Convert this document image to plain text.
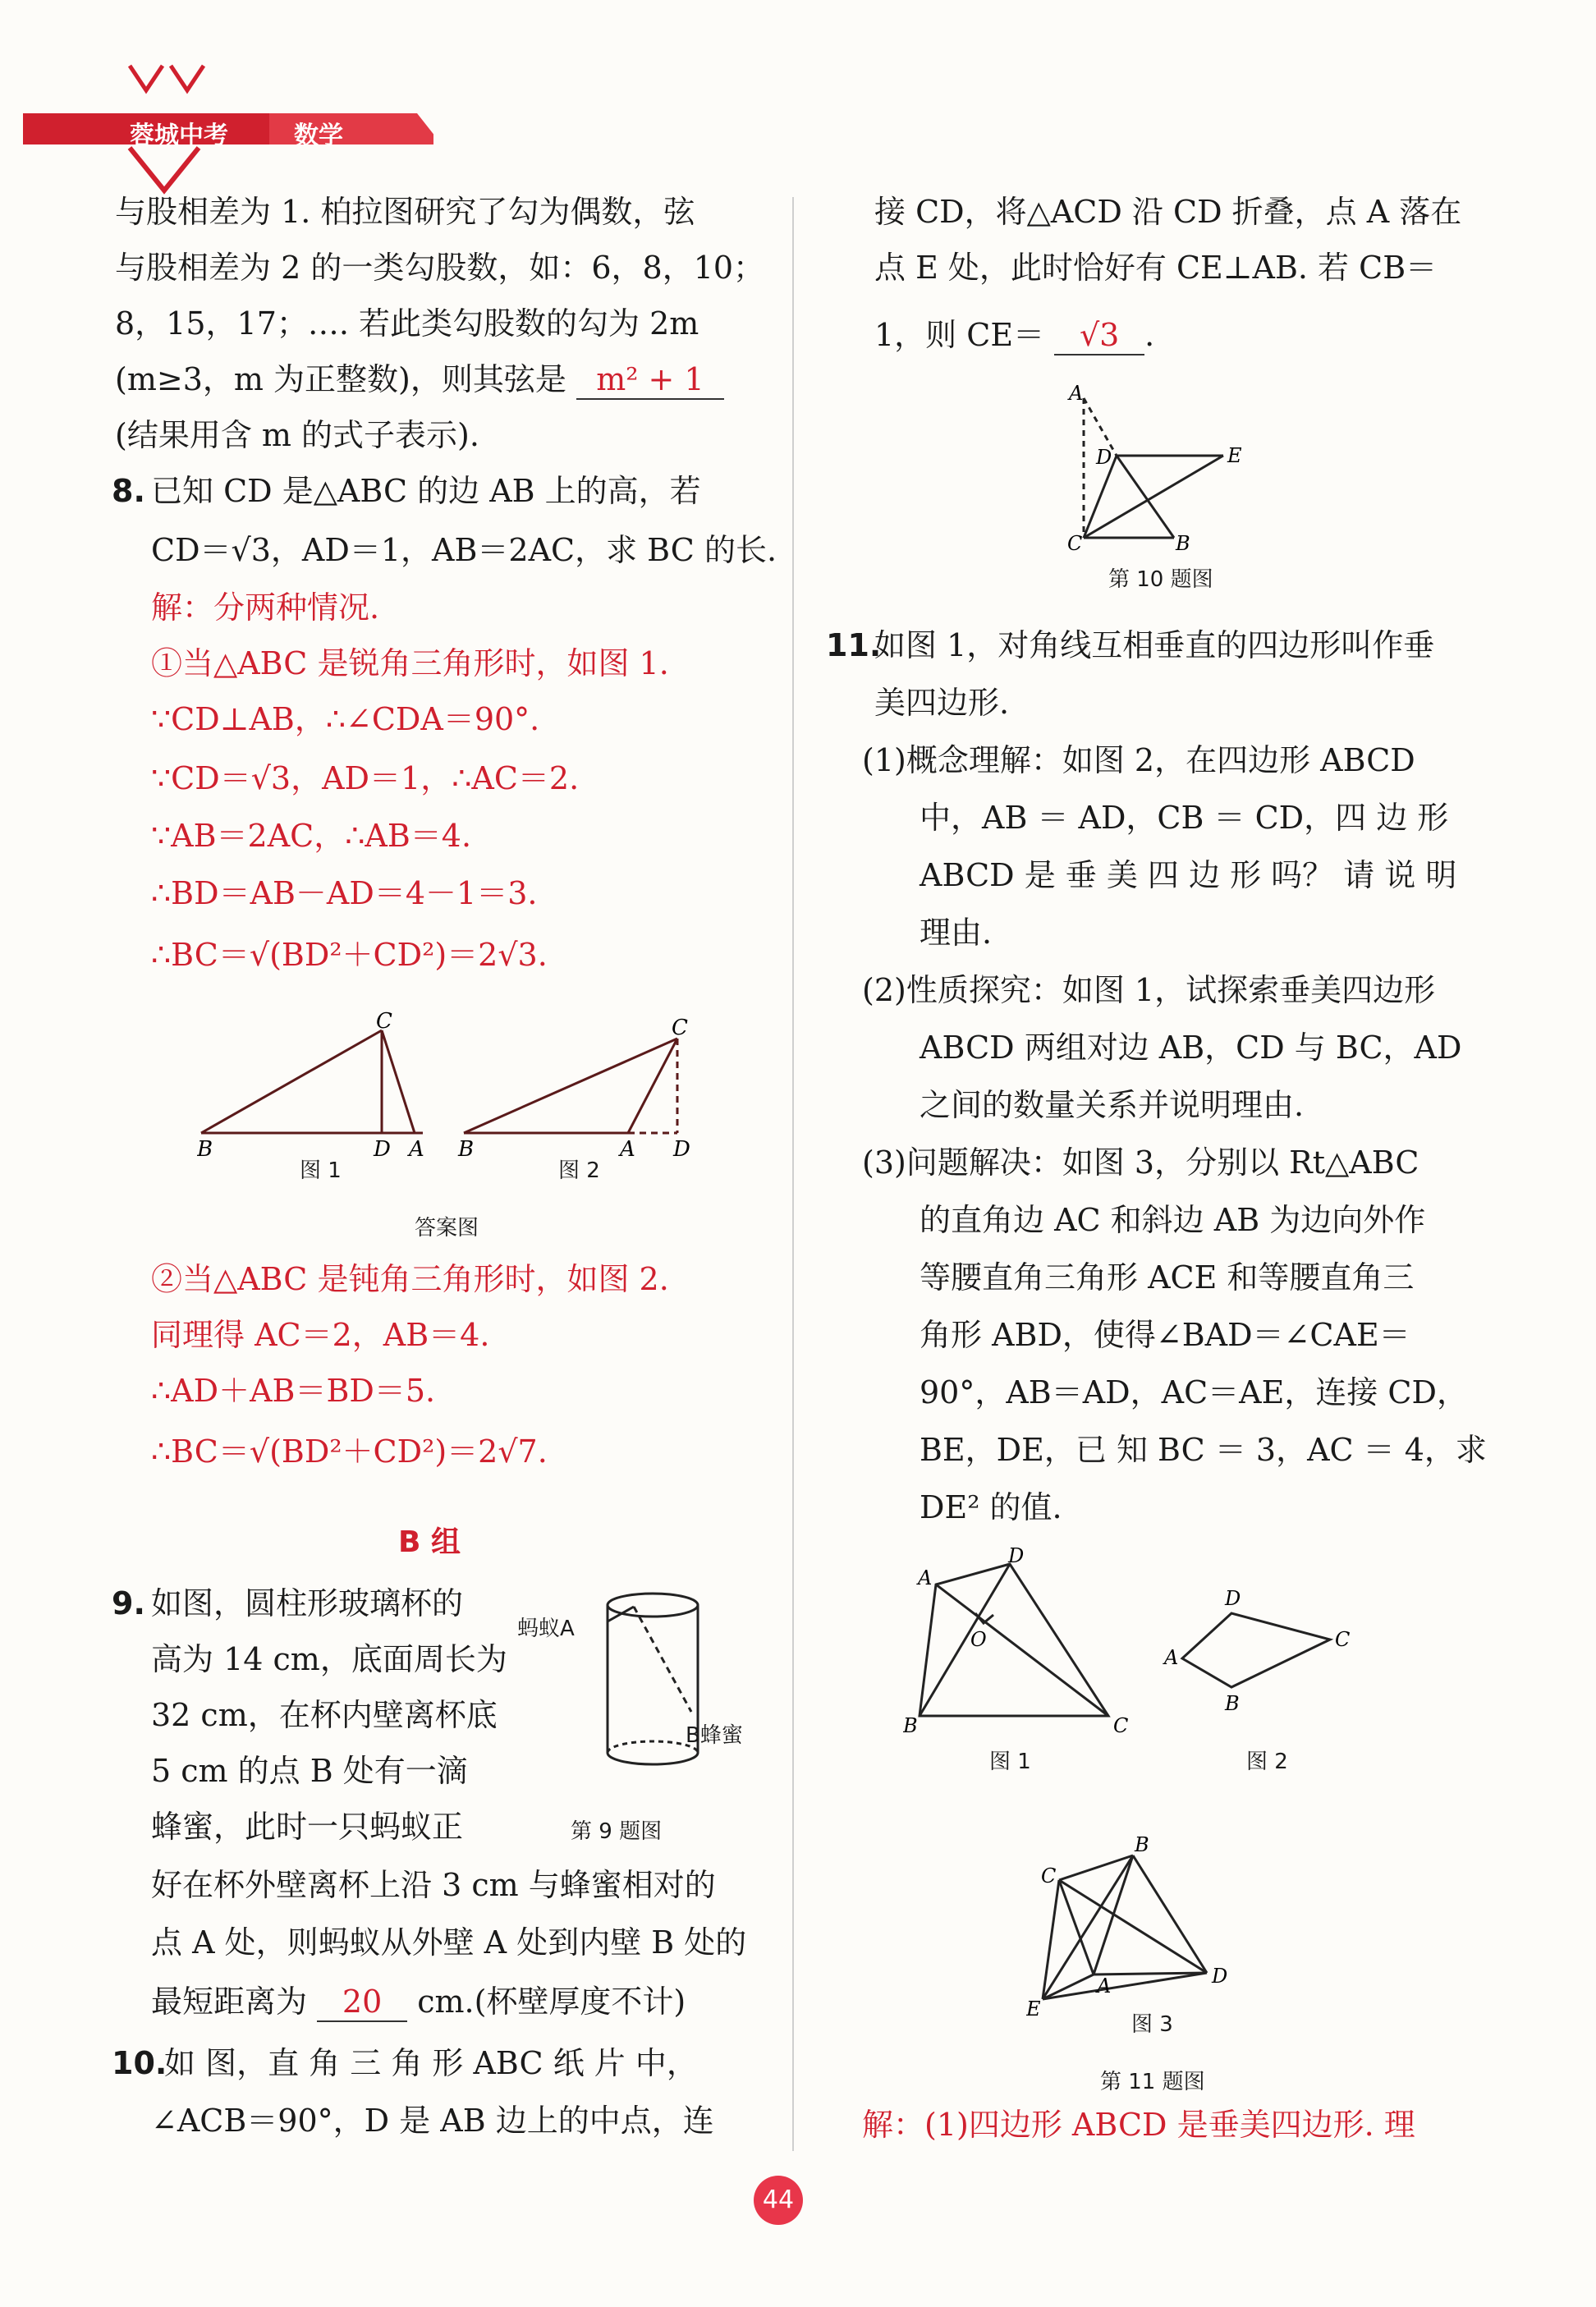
蓉城中考	数学
与股相差为 1. 柏拉图研究了勾为偶数，弦
与股相差为 2 的一类勾股数，如：6，8，10；
8，15，17；…. 若此类勾股数的勾为 2m
(m≥3，m 为正整数)，则其弦是 m² + 1
(结果用含 m 的式子表示).
8. 已知 CD 是△ABC 的边 AB 上的高，若
CD＝√3，AD＝1，AB＝2AC，求 BC 的长.
解：分两种情况.
①当△ABC 是锐角三角形时，如图 1.
∵CD⊥AB，∴∠CDA＝90°.
∵CD＝√3，AD＝1，∴AC＝2.
∵AB＝2AC，∴AB＝4.
∴BD＝AB－AD＝4－1＝3.
∴BC＝√(BD²＋CD²)＝2√3.
B
C
D A B
C
A D
图 1	图 2
答案图
②当△ABC 是钝角三角形时，如图 2.
同理得 AC＝2，AB＝4.
∴AD＋AB＝BD＝5.
∴BC＝√(BD²＋CD²)＝2√7.
B 组
9. 如图，圆柱形玻璃杯的
高为 14 cm，底面周长为
32 cm，在杯内壁离杯底
5 cm 的点 B 处有一滴
蜂蜜，此时一只蚂蚁正
好在杯外壁离杯上沿 3 cm 与蜂蜜相对的
点 A 处，则蚂蚁从外壁 A 处到内壁 B 处的
最短距离为 20 cm.(杯壁厚度不计)
蚂蚁A
B蜂蜜
第 9 题图
10.
如 图，直 角 三 角 形 ABC 纸 片 中，
∠ACB＝90°，D 是 AB 边上的中点，连
接 CD，将△ACD 沿 CD 折叠，点 A 落在
点 E 处，此时恰好有 CE⊥AB. 若 CB＝
1，则 CE＝ √3 .
A
D	E
C	B
第 10 题图
11.
如图 1，对角线互相垂直的四边形叫作垂
美四边形.
(1)概念理解：如图 2，在四边形 ABCD
中，AB ＝ AD，CB ＝ CD，四 边 形
ABCD 是 垂 美 四 边 形 吗？ 请 说 明
理由.
(2)性质探究：如图 1，试探索垂美四边形
ABCD 两组对边 AB，CD 与 BC，AD
之间的数量关系并说明理由.
(3)问题解决：如图 3，分别以 Rt△ABC
的直角边 AC 和斜边 AB 为边向外作
等腰直角三角形 ACE 和等腰直角三
角形 ABD，使得∠BAD＝∠CAE＝
90°，AB＝AD，AC＝AE，连接 CD，
BE，DE，已 知 BC ＝ 3，AC ＝ 4，求
DE² 的值.
A
D
O
B	C
D
A
C
B
图 1	图 2
B
C
A	D
E
图 3
第 11 题图
解：(1)四边形 ABCD 是垂美四边形. 理
44
